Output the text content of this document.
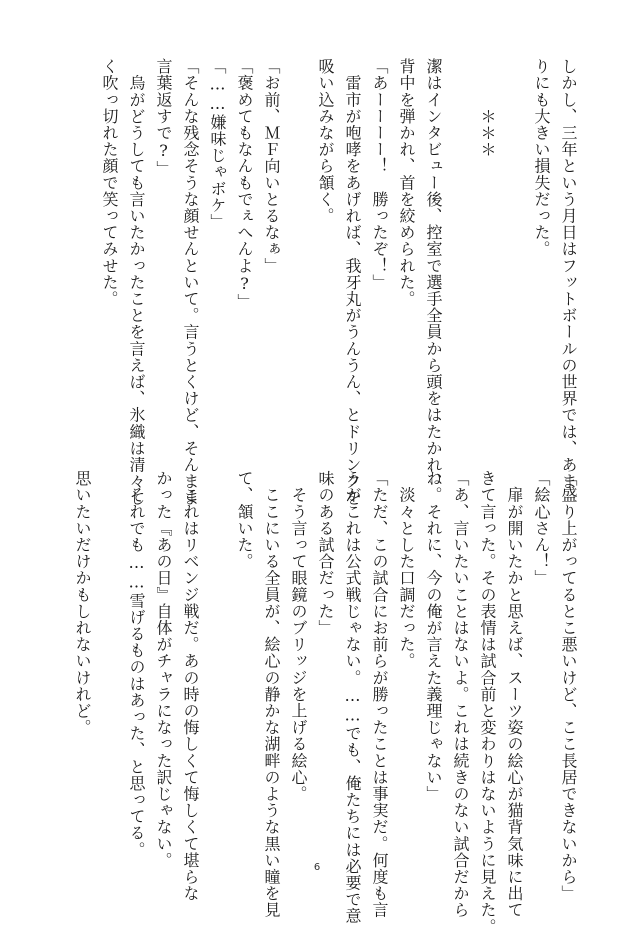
しかし、三年という月日はフットボールの世界では、あま
りにも大きい損失だった。

　　　＊＊＊

潔はインタビュー後、控室で選手全員から頭をはたかれ、
背中を弾かれ、首を絞められた。
「あーーーー！　勝ったぞ！」
　雷市が咆哮をあげれば、我牙丸がうんうん、とドリンクを
吸い込みながら頷く。

「お前、ＭＦ向いとるなぁ」
「褒めてもなんもでぇへんよ?」
「……嫌味じゃボケ」
「そんな残念そうな顔せんといて。言うとくけど、そんまま
言葉返すで?」
　烏がどうしても言いたかったことを言えば、氷織は清々し
く吹っ切れた顔で笑ってみせた。
「盛り上がってるとこ悪いけど、ここ長居できないから」
「絵心さん！」
　扉が開いたかと思えば、スーツ姿の絵心が猫背気味に出て
きて言った。その表情は試合前と変わりはないように見えた。
「あ、言いたいことはないよ。これは続きのない試合だから
ね。それに、今の俺が言えた義理じゃない」
　淡々とした口調だった。
「ただ、この試合にお前らが勝ったことは事実だ。何度も言
うがこれは公式戦じゃない。……でも、俺たちには必要で意
味のある試合だった」
　そう言って眼鏡のブリッジを上げる絵心。
　ここにいる全員が、絵心の静かな湖畔のような黒い瞳を見
て、頷いた。

　これはリベンジ戦だ。あの時の悔しくて悔しくて堪らな
かった『あの日』自体がチャラになった訳じゃない。
　それでも……雪げるものはあった、と思ってる。

思いたいだけかもしれないけれど。
6
